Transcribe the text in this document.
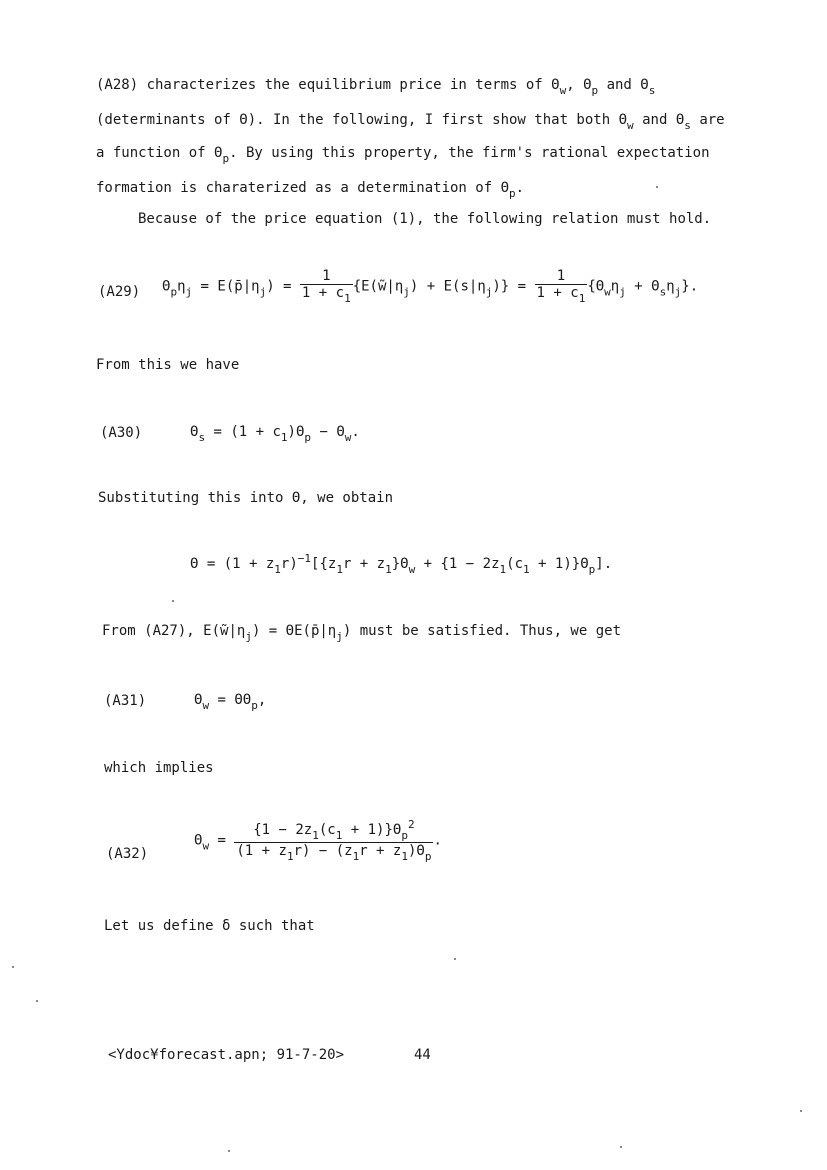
(A28) characterizes the equilibrium price in terms of $\Theta_w$, $\Theta_p$ and $\Theta_s$
(determinants of Θ). In the following, I first show that both $\Theta_w$ and $\Theta_s$ are
a function of $\Theta_p$. By using this property, the firm's rational expectation
formation is charaterized as a determination of $\Theta_p$.
Because of the price equation (1), the following relation must hold.
(A29) $\Theta_p\eta_j$ = $E(p̄|\eta_j) = \frac{1}{1 + c_1}$ $\{E(w̃|\eta_j) + E(s|\eta_j)\} = \frac{1}{1 + c_1} \{\Theta_w\eta_j + \Theta_s\eta_j\}$.
From this we have
(A30)	$\Theta_s = (1 + c_1)\Theta_p - \Theta_w$.
Substituting this into Θ, we obtain
$\Theta = (1 + z_1r)^{-1}[\{z_1r + z_1\}\Theta_w + \{1 - 2z_1(c_1 + 1)\}\Theta_p]$.
From (A27), $E(w̃|\eta_j)$ = $\Theta E(p̄|\eta_j)$ must be satisfied. Thus, we get
(A31)	$\Theta_w = \Theta\Theta_p$,
which implies
(A32)
$\Theta_w = \frac{\{1 - 2z_1(c_1 + 1)\}\Theta_p^2}{(1 + z_1r) - (z_1r + z_1)\Theta_p}$ .
Let us define δ such that
<Ydoc¥forecast.apn; 91-7-20>	44
